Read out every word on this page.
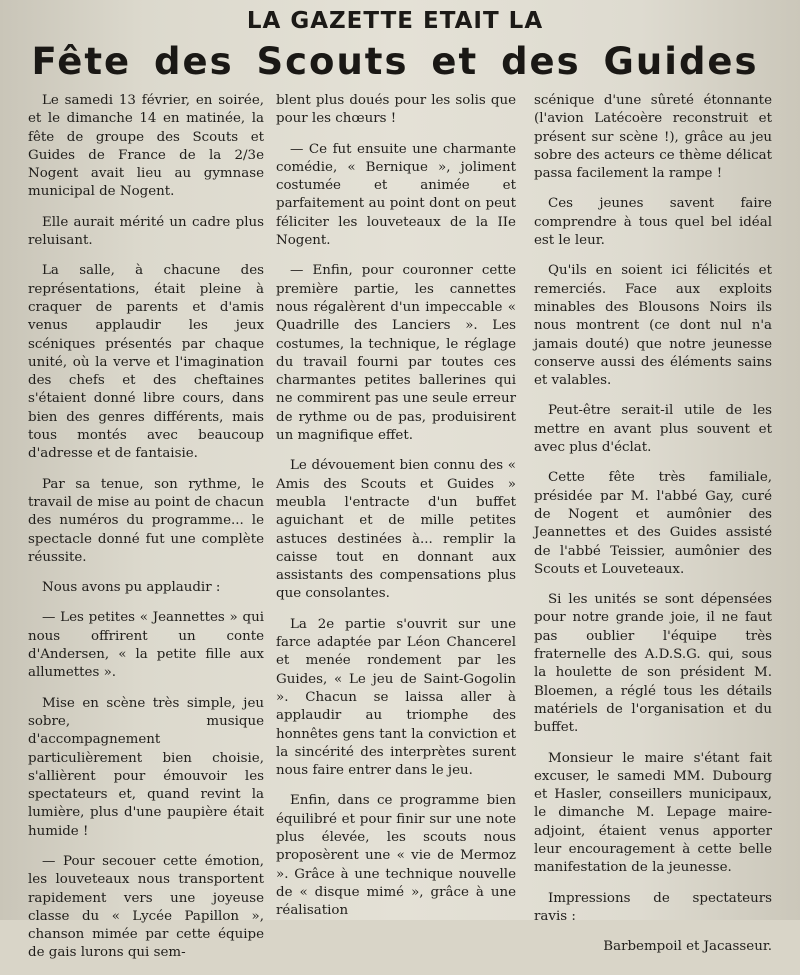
LA GAZETTE ETAIT LA
Fête des Scouts et des Guides

Le samedi 13 février, en soirée, et le dimanche 14 en matinée, la fête de groupe des Scouts et Guides de France de la 2/3e Nogent avait lieu au gymnase municipal de Nogent.

Elle aurait mérité un cadre plus reluisant.

La salle, à chacune des représentations, était pleine à craquer de parents et d'amis venus applaudir les jeux scéniques présentés par chaque unité, où la verve et l'imagination des chefs et des cheftaines s'étaient donné libre cours, dans bien des genres différents, mais tous montés avec beaucoup d'adresse et de fantaisie.

Par sa tenue, son rythme, le travail de mise au point de chacun des numéros du programme... le spectacle donné fut une complète réussite.

Nous avons pu applaudir :

— Les petites « Jeannettes » qui nous offrirent un conte d'Andersen, « la petite fille aux allumettes ».

Mise en scène très simple, jeu sobre, musique d'accompagnement particulièrement bien choisie, s'allièrent pour émouvoir les spectateurs et, quand revint la lumière, plus d'une paupière était humide !

— Pour secouer cette émotion, les louveteaux nous transportent rapidement vers une joyeuse classe du « Lycée Papillon », chanson mimée par cette équipe de gais lurons qui sem-

blent plus doués pour les solis que pour les chœurs !

— Ce fut ensuite une charmante comédie, « Bernique », joliment costumée et animée et parfaitement au point dont on peut féliciter les louveteaux de la IIe Nogent.

— Enfin, pour couronner cette première partie, les cannettes nous régalèrent d'un impeccable « Quadrille des Lanciers ». Les costumes, la technique, le réglage du travail fourni par toutes ces charmantes petites ballerines qui ne commirent pas une seule erreur de rythme ou de pas, produisirent un magnifique effet.

Le dévouement bien connu des « Amis des Scouts et Guides » meubla l'entracte d'un buffet aguichant et de mille petites astuces destinées à... remplir la caisse tout en donnant aux assistants des compensations plus que consolantes.

La 2e partie s'ouvrit sur une farce adaptée par Léon Chancerel et menée rondement par les Guides, « Le jeu de Saint-Gogolin ». Chacun se laissa aller à applaudir au triomphe des honnêtes gens tant la conviction et la sincérité des interprètes surent nous faire entrer dans le jeu.

Enfin, dans ce programme bien équilibré et pour finir sur une note plus élevée, les scouts nous proposèrent une « vie de Mermoz ». Grâce à une technique nouvelle de « disque mimé », grâce à une réalisation

scénique d'une sûreté étonnante (l'avion Latécoère reconstruit et présent sur scène !), grâce au jeu sobre des acteurs ce thème délicat passa facilement la rampe !

Ces jeunes savent faire comprendre à tous quel bel idéal est le leur.

Qu'ils en soient ici félicités et remerciés. Face aux exploits minables des Blousons Noirs ils nous montrent (ce dont nul n'a jamais douté) que notre jeunesse conserve aussi des éléments sains et valables.

Peut-être serait-il utile de les mettre en avant plus souvent et avec plus d'éclat.

Cette fête très familiale, présidée par M. l'abbé Gay, curé de Nogent et aumônier des Jeannettes et des Guides assisté de l'abbé Teissier, aumônier des Scouts et Louveteaux.

Si les unités se sont dépensées pour notre grande joie, il ne faut pas oublier l'équipe très fraternelle des A.D.S.G. qui, sous la houlette de son président M. Bloemen, a réglé tous les détails matériels de l'organisation et du buffet.

Monsieur le maire s'étant fait excuser, le samedi MM. Dubourg et Hasler, conseillers municipaux, le dimanche M. Lepage maire-adjoint, étaient venus apporter leur encouragement à cette belle manifestation de la jeunesse.

Impressions de spectateurs ravis :

Barbempoil et Jacasseur.
